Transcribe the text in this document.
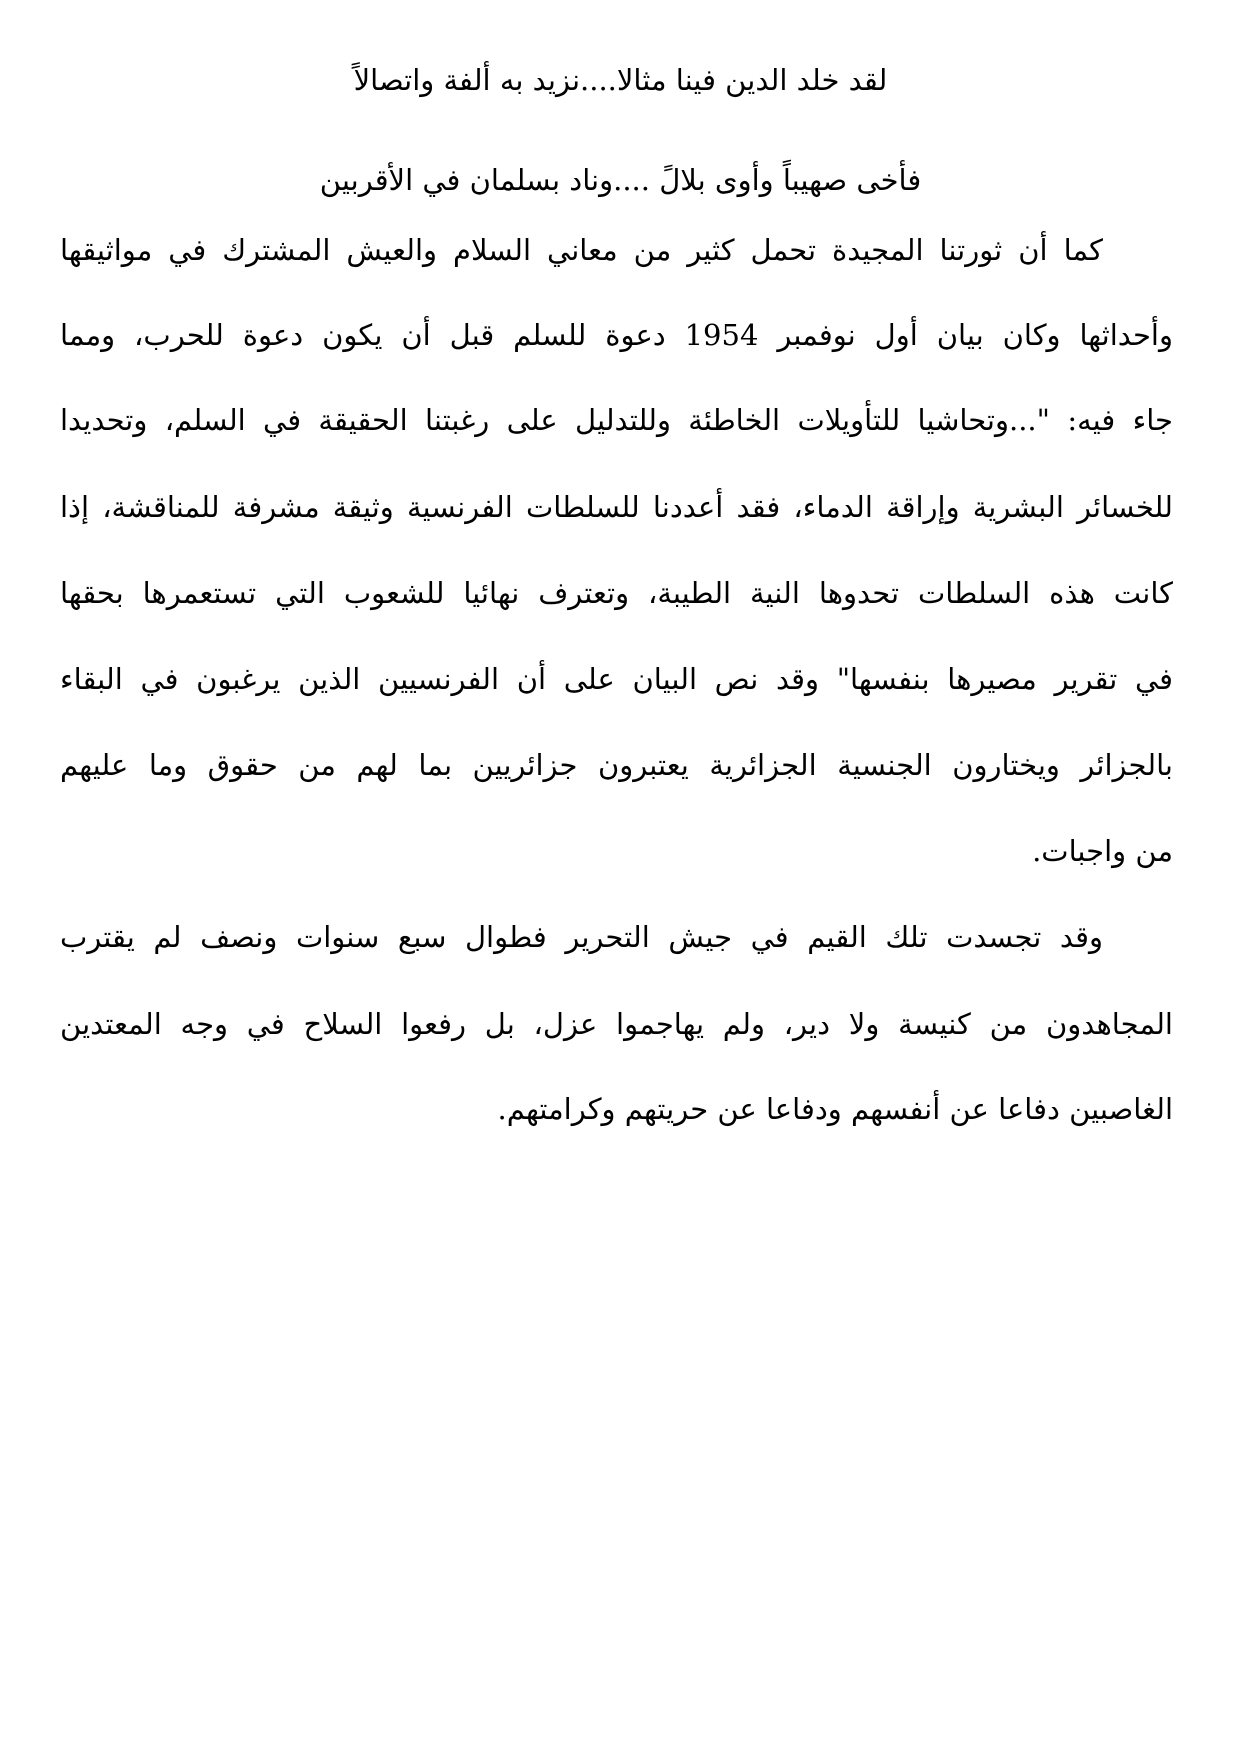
لقد خلد الدين فينا مثالا....نزيد به ألفة واتصالاً
فأخى صهيباً وأوى بلالً ....وناد بسلمان في الأقربين
كما أن ثورتنا المجيدة تحمل كثير من معاني السلام والعيش المشترك في مواثيقها
وأحداثها وكان بيان أول نوفمبر 1954 دعوة للسلم قبل أن يكون دعوة للحرب، ومما
جاء فيه: "...وتحاشيا للتأويلات الخاطئة وللتدليل على رغبتنا الحقيقة في السلم، وتحديدا
للخسائر البشرية وإراقة الدماء، فقد أعددنا للسلطات الفرنسية وثيقة مشرفة للمناقشة، إذا
كانت هذه السلطات تحدوها النية الطيبة، وتعترف نهائيا للشعوب التي تستعمرها بحقها
في تقرير مصيرها بنفسها" وقد نص البيان على أن الفرنسيين الذين يرغبون في البقاء
بالجزائر ويختارون الجنسية الجزائرية يعتبرون جزائريين بما لهم من حقوق وما عليهم
من واجبات.
وقد تجسدت تلك القيم في جيش التحرير فطوال سبع سنوات ونصف لم يقترب
المجاهدون من كنيسة ولا دير، ولم يهاجموا عزل، بل رفعوا السلاح في وجه المعتدين
الغاصبين دفاعا عن أنفسهم ودفاعا عن حريتهم وكرامتهم.
